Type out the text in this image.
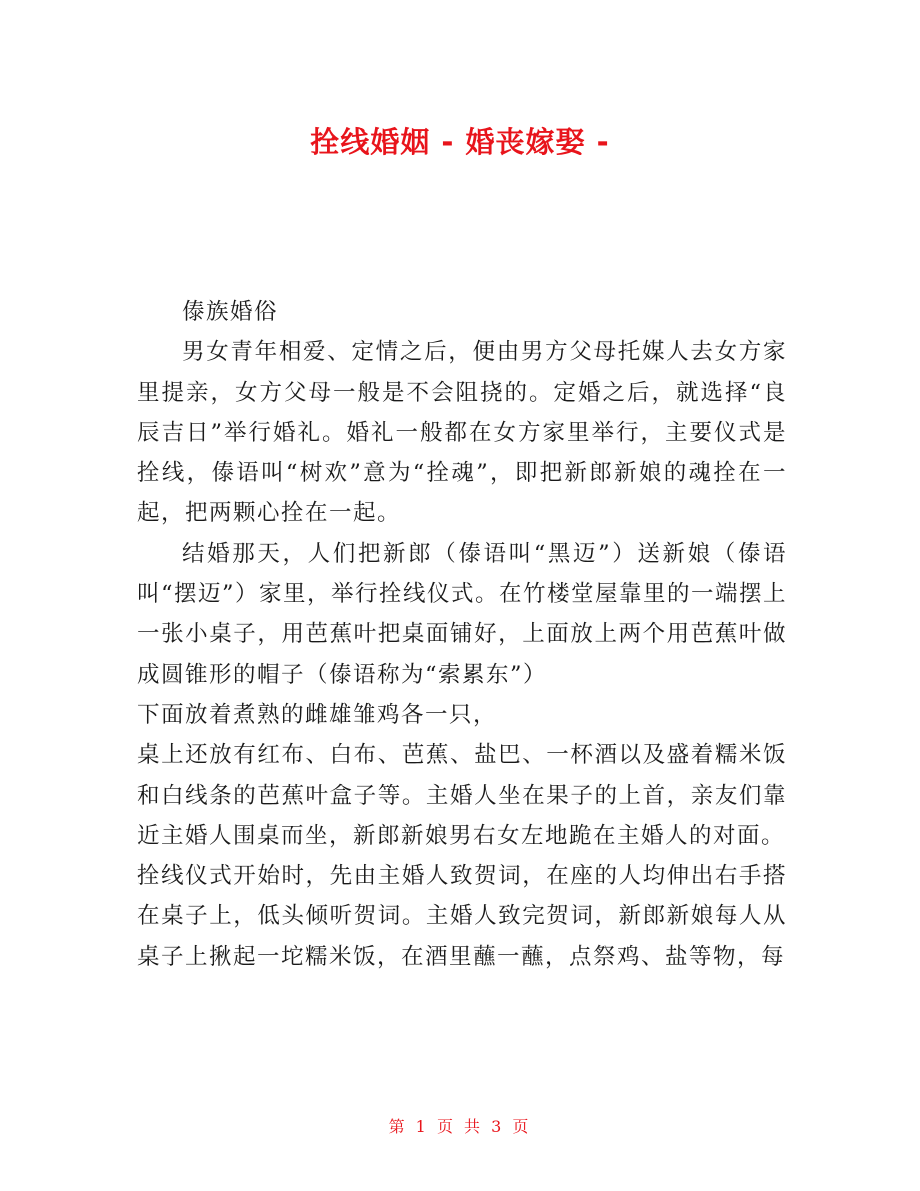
拴线婚姻 - 婚丧嫁娶 -

傣族婚俗

男女青年相爱、定情之后，便由男方父母托媒人去女方家里提亲，女方父母一般是不会阻挠的。定婚之后，就选择“良辰吉日”举行婚礼。婚礼一般都在女方家里举行，主要仪式是拴线，傣语叫“树欢”意为“拴魂”，即把新郎新娘的魂拴在一起，把两颗心拴在一起。

结婚那天，人们把新郎（傣语叫“黑迈”）送新娘（傣语叫“摆迈”）家里，举行拴线仪式。在竹楼堂屋靠里的一端摆上一张小桌子，用芭蕉叶把桌面铺好，上面放上两个用芭蕉叶做成圆锥形的帽子（傣语称为“索累东”）

下面放着煮熟的雌雄雏鸡各一只，

桌上还放有红布、白布、芭蕉、盐巴、一杯酒以及盛着糯米饭和白线条的芭蕉叶盒子等。主婚人坐在果子的上首，亲友们靠近主婚人围桌而坐，新郎新娘男右女左地跪在主婚人的对面。

拴线仪式开始时，先由主婚人致贺词，在座的人均伸出右手搭在桌子上，低头倾听贺词。主婚人致完贺词，新郎新娘每人从桌子上揪起一坨糯米饭，在酒里蘸一蘸，点祭鸡、盐等物，每

第 1 页 共 3 页
